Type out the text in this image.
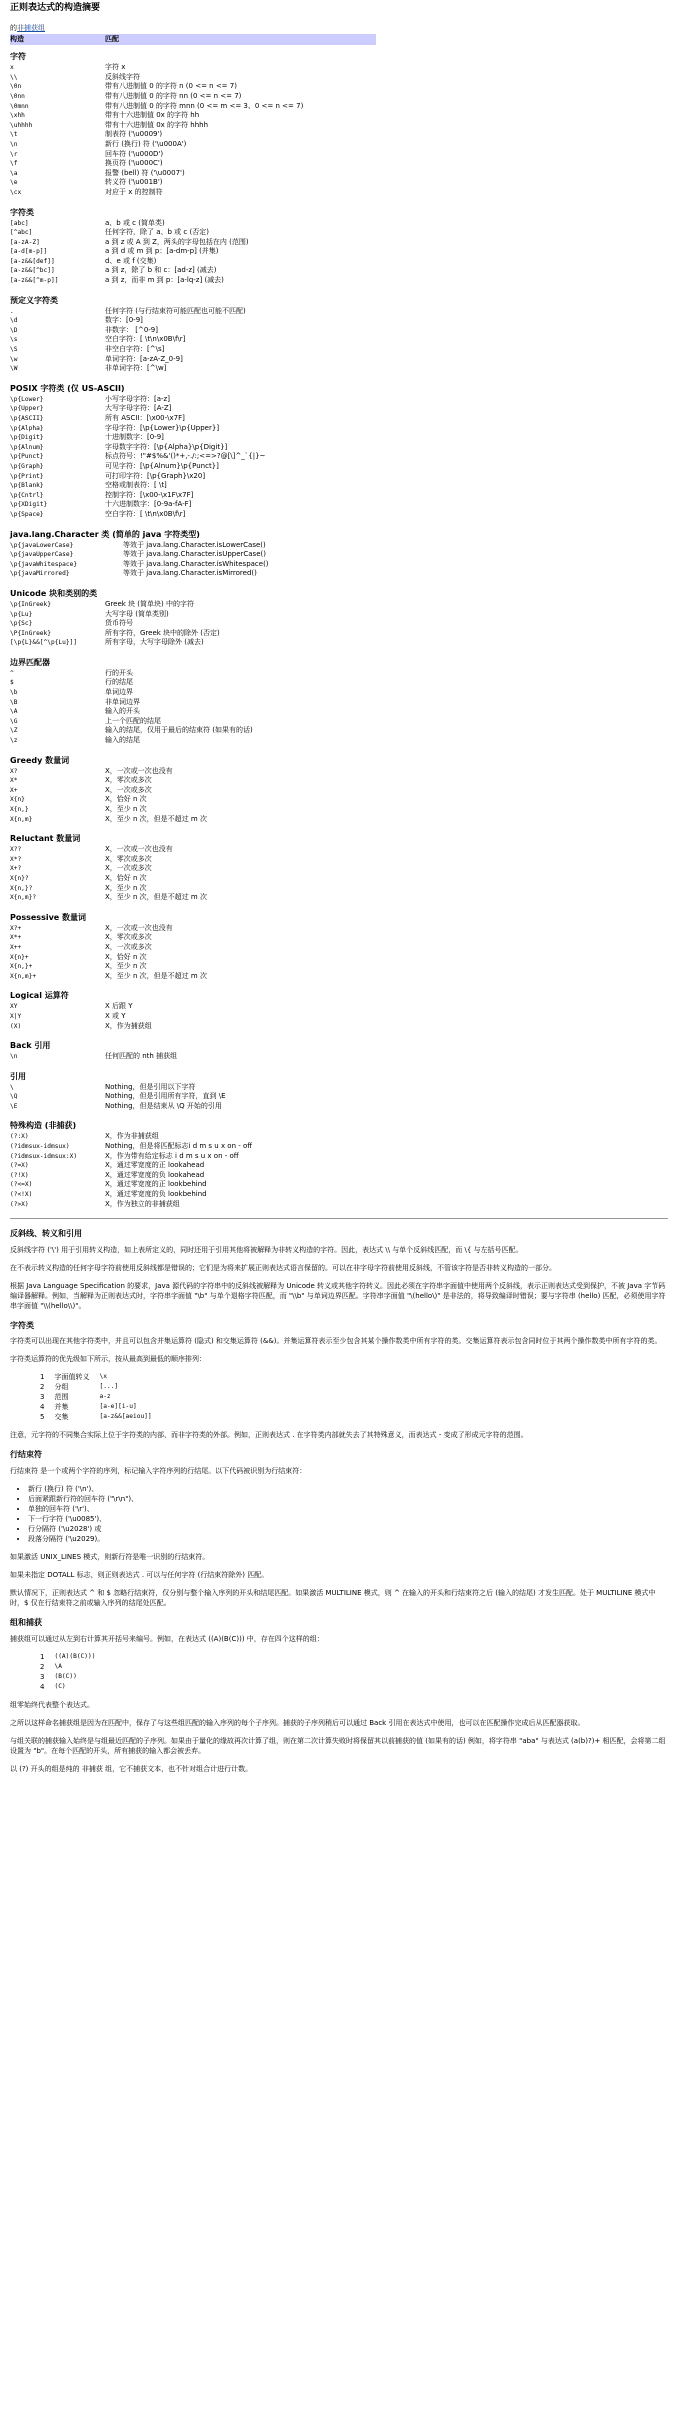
正则表达式的构造摘要
的非捕获组
构造	匹配
字符
x	字符 x
\\	反斜线字符
\0n	带有八进制值 0 的字符 n (0 <= n <= 7)
\0nn	带有八进制值 0 的字符 nn (0 <= n <= 7)
\0mnn	带有八进制值 0 的字符 mnn (0 <= m <= 3、0 <= n <= 7)
\xhh	带有十六进制值 0x 的字符 hh
\uhhhh	带有十六进制值 0x 的字符 hhhh
\t	制表符 ('\u0009')
\n	新行 (换行) 符 ('\u000A')
\r	回车符 ('\u000D')
\f	换页符 ('\u000C')
\a	报警 (bell) 符 ('\u0007')
\e	转义符 ('\u001B')
\cx	对应于 x 的控制符
字符类
[abc]	a、b 或 c (简单类)
[^abc]	任何字符，除了 a、b 或 c (否定)
[a-zA-Z]	a 到 z 或 A 到 Z，两头的字母包括在内 (范围)
[a-d[m-p]]	a 到 d 或 m 到 p：[a-dm-p] (并集)
[a-z&&[def]]	d、e 或 f (交集)
[a-z&&[^bc]]	a 到 z，除了 b 和 c：[ad-z] (减去)
[a-z&&[^m-p]]	a 到 z，而非 m 到 p：[a-lq-z] (减去)
预定义字符类
.	任何字符 (与行结束符可能匹配也可能不匹配)
\d	数字：[0-9]
\D	非数字： [^0-9]
\s	空白字符：[ \t\n\x0B\f\r]
\S	非空白字符：[^\s]
\w	单词字符：[a-zA-Z_0-9]
\W	非单词字符：[^\w]
POSIX 字符类 (仅 US-ASCII)
\p{Lower}	小写字母字符：[a-z]
\p{Upper}	大写字母字符：[A-Z]
\p{ASCII}	所有 ASCII：[\x00-\x7F]
\p{Alpha}	字母字符：[\p{Lower}\p{Upper}]
\p{Digit}	十进制数字：[0-9]
\p{Alnum}	字母数字字符：[\p{Alpha}\p{Digit}]
\p{Punct}	标点符号：!"#$%&'()*+,-./:;<=>?@[\]^_`{|}~
\p{Graph}	可见字符：[\p{Alnum}\p{Punct}]
\p{Print}	可打印字符：[\p{Graph}\x20]
\p{Blank}	空格或制表符：[ \t]
\p{Cntrl}	控制字符：[\x00-\x1F\x7F]
\p{XDigit}	十六进制数字：[0-9a-fA-F]
\p{Space}	空白字符：[ \t\n\x0B\f\r]
java.lang.Character 类 (简单的 java 字符类型)
\p{javaLowerCase}	等效于 java.lang.Character.isLowerCase()
\p{javaUpperCase}	等效于 java.lang.Character.isUpperCase()
\p{javaWhitespace}	等效于 java.lang.Character.isWhitespace()
\p{javaMirrored}	等效于 java.lang.Character.isMirrored()
Unicode 块和类别的类
\p{InGreek}	Greek 块 (简单块) 中的字符
\p{Lu}	大写字母 (简单类别)
\p{Sc}	货币符号
\P{InGreek}	所有字符，Greek 块中的除外 (否定)
[\p{L}&&[^\p{Lu}]]	所有字母，大写字母除外 (减去)
边界匹配器
^	行的开头
$	行的结尾
\b	单词边界
\B	非单词边界
\A	输入的开头
\G	上一个匹配的结尾
\Z	输入的结尾，仅用于最后的结束符 (如果有的话)
\z	输入的结尾
Greedy 数量词
X?	X，一次或一次也没有
X*	X，零次或多次
X+	X，一次或多次
X{n}	X，恰好 n 次
X{n,}	X，至少 n 次
X{n,m}	X，至少 n 次，但是不超过 m 次
Reluctant 数量词
X??	X，一次或一次也没有
X*?	X，零次或多次
X+?	X，一次或多次
X{n}?	X，恰好 n 次
X{n,}?	X，至少 n 次
X{n,m}?	X，至少 n 次，但是不超过 m 次
Possessive 数量词
X?+	X，一次或一次也没有
X*+	X，零次或多次
X++	X，一次或多次
X{n}+	X，恰好 n 次
X{n,}+	X，至少 n 次
X{n,m}+	X，至少 n 次，但是不超过 m 次
Logical 运算符
XY	X 后跟 Y
X|Y	X 或 Y
(X)	X，作为捕获组
Back 引用
\n	任何匹配的 nth 捕获组
引用
\	Nothing，但是引用以下字符
\Q	Nothing，但是引用所有字符，直到 \E
\E	Nothing，但是结束从 \Q 开始的引用
特殊构造 (非捕获)
(?:X)	X，作为非捕获组
(?idmsux-idmsux)	Nothing，但是将匹配标志i d m s u x on - off
(?idmsux-idmsux:X)	X，作为带有给定标志 i d m s u x on - off
(?=X)	X，通过零宽度的正 lookahead
(?!X)	X，通过零宽度的负 lookahead
(?<=X)	X，通过零宽度的正 lookbehind
(?<!X)	X，通过零宽度的负 lookbehind
(?>X)	X，作为独立的非捕获组
反斜线、转义和引用

反斜线字符 ('\') 用于引用转义构造，如上表所定义的，同时还用于引用其他将被解释为非转义构造的字符。因此，表达式 \\ 与单个反斜线匹配，而 \{ 与左括号匹配。

在不表示转义构造的任何字母字符前使用反斜线都是错误的；它们是为将来扩展正则表达式语言保留的。可以在非字母字符前使用反斜线，不管该字符是否非转义构造的一部分。

根据 Java Language Specification 的要求，Java 源代码的字符串中的反斜线被解释为 Unicode 转义或其他字符转义。因此必须在字符串字面值中使用两个反斜线，表示正则表达式受到保护，不被 Java 字节码编译器解释。例如，当解释为正则表达式时，字符串字面值 "\b" 与单个退格字符匹配，而 "\\b" 与单词边界匹配。字符串字面值 "\(hello\)" 是非法的，将导致编译时错误；要与字符串 (hello) 匹配，必须使用字符串字面值 "\\(hello\\)"。

字符类

字符类可以出现在其他字符类中，并且可以包含并集运算符 (隐式) 和交集运算符 (&&)。并集运算符表示至少包含其某个操作数类中所有字符的类。交集运算符表示包含同时位于其两个操作数类中所有字符的类。

字符类运算符的优先级如下所示，按从最高到最低的顺序排列：

1	字面值转义	\x
2	分组	[...]
3	范围	a-z
4	并集	[a-e][i-u]
5	交集	[a-z&&[aeiou]]

注意，元字符的不同集合实际上位于字符类的内部，而非字符类的外部。例如，正则表达式 . 在字符类内部就失去了其特殊意义，而表达式 - 变成了形成元字符的范围。

行结束符

行结束符 是一个或两个字符的序列，标记输入字符序列的行结尾。以下代码被识别为行结束符：

• 新行 (换行) 符 ('\n')、
• 后面紧跟新行符的回车符 ("\r\n")、
• 单独的回车符 ('\r')、
• 下一行字符 ('\u0085')、
• 行分隔符 ('\u2028') 或
• 段落分隔符 ('\u2029)。

如果激活 UNIX_LINES 模式，则新行符是唯一识别的行结束符。

如果未指定 DOTALL 标志，则正则表达式 . 可以与任何字符 (行结束符除外) 匹配。

默认情况下，正则表达式 ^ 和 $ 忽略行结束符，仅分别与整个输入序列的开头和结尾匹配。如果激活 MULTILINE 模式，则 ^ 在输入的开头和行结束符之后 (输入的结尾) 才发生匹配。处于 MULTILINE 模式中时，$ 仅在行结束符之前或输入序列的结尾处匹配。

组和捕获

捕获组可以通过从左到右计算其开括号来编号。例如，在表达式 ((A)(B(C))) 中，存在四个这样的组：

1	((A)(B(C)))
2	\A
3	(B(C))
4	(C)

组零始终代表整个表达式。

之所以这样命名捕获组是因为在匹配中，保存了与这些组匹配的输入序列的每个子序列。捕获的子序列稍后可以通过 Back 引用在表达式中使用，也可以在匹配操作完成后从匹配器获取。

与组关联的捕获输入始终是与组最近匹配的子序列。如果由于量化的缘故再次计算了组，则在第二次计算失败时将保留其以前捕获的值 (如果有的话) 例如，将字符串 "aba" 与表达式 (a(b)?)+ 相匹配，会将第二组设置为 "b"。在每个匹配的开头，所有捕获的输入都会被丢弃。

以 (?) 开头的组是纯的 非捕获 组，它不捕获文本，也不针对组合计进行计数。
